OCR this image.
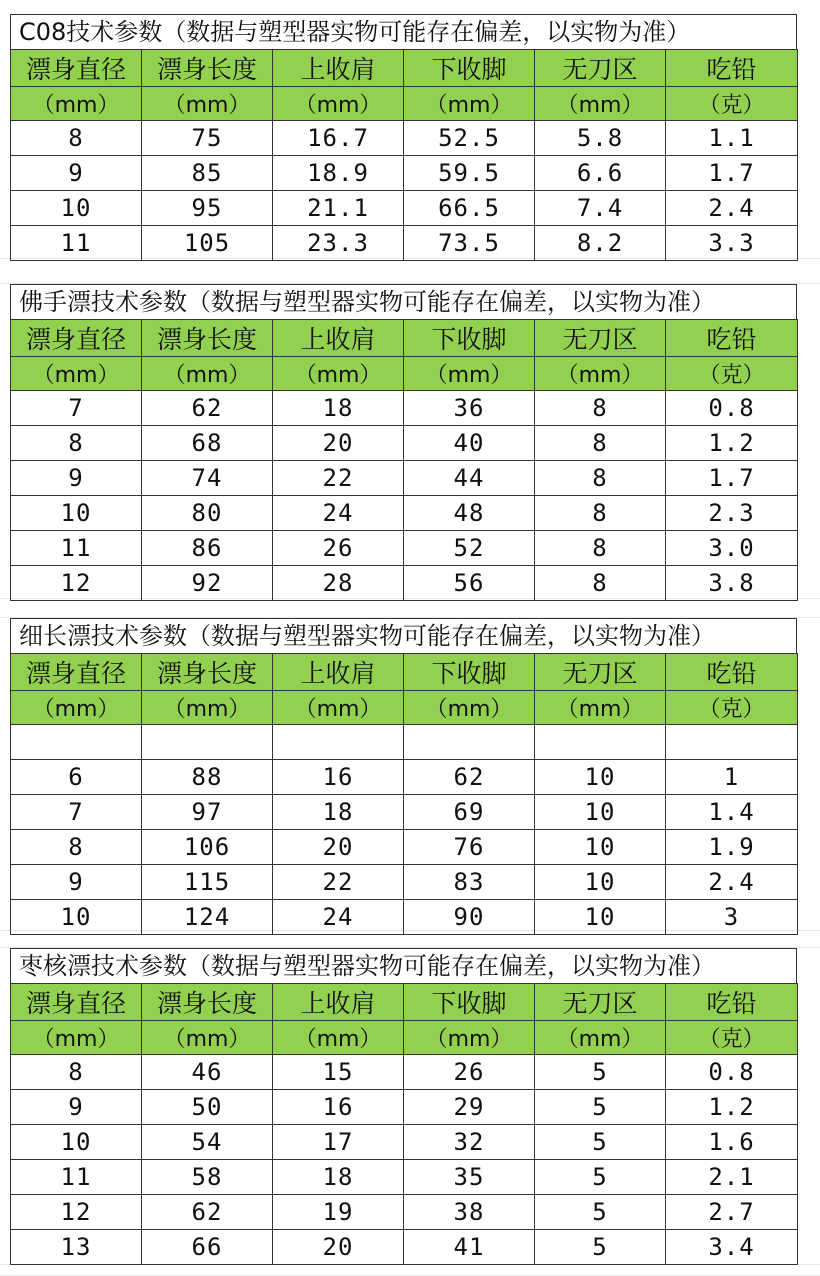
C08技术参数（数据与塑型器实物可能存在偏差，以实物为准）
漂身直径	漂身长度	上收肩	下收脚	无刀区	吃铅
（mm）	（mm）	（mm）	（mm）	（mm）	（克）
8	75	16.7	52.5	5.8	1.1
9	85	18.9	59.5	6.6	1.7
10	95	21.1	66.5	7.4	2.4
11	105	23.3	73.5	8.2	3.3
佛手漂技术参数（数据与塑型器实物可能存在偏差，以实物为准）
漂身直径	漂身长度	上收肩	下收脚	无刀区	吃铅
（mm）	（mm）	（mm）	（mm）	（mm）	（克）
7	62	18	36	8	0.8
8	68	20	40	8	1.2
9	74	22	44	8	1.7
10	80	24	48	8	2.3
11	86	26	52	8	3.0
12	92	28	56	8	3.8
细长漂技术参数（数据与塑型器实物可能存在偏差，以实物为准）
漂身直径	漂身长度	上收肩	下收脚	无刀区	吃铅
（mm）	（mm）	（mm）	（mm）	（mm）	（克）

6	88	16	62	10	1
7	97	18	69	10	1.4
8	106	20	76	10	1.9
9	115	22	83	10	2.4
10	124	24	90	10	3
枣核漂技术参数（数据与塑型器实物可能存在偏差，以实物为准）
漂身直径	漂身长度	上收肩	下收脚	无刀区	吃铅
（mm）	（mm）	（mm）	（mm）	（mm）	（克）
8	46	15	26	5	0.8
9	50	16	29	5	1.2
10	54	17	32	5	1.6
11	58	18	35	5	2.1
12	62	19	38	5	2.7
13	66	20	41	5	3.4
